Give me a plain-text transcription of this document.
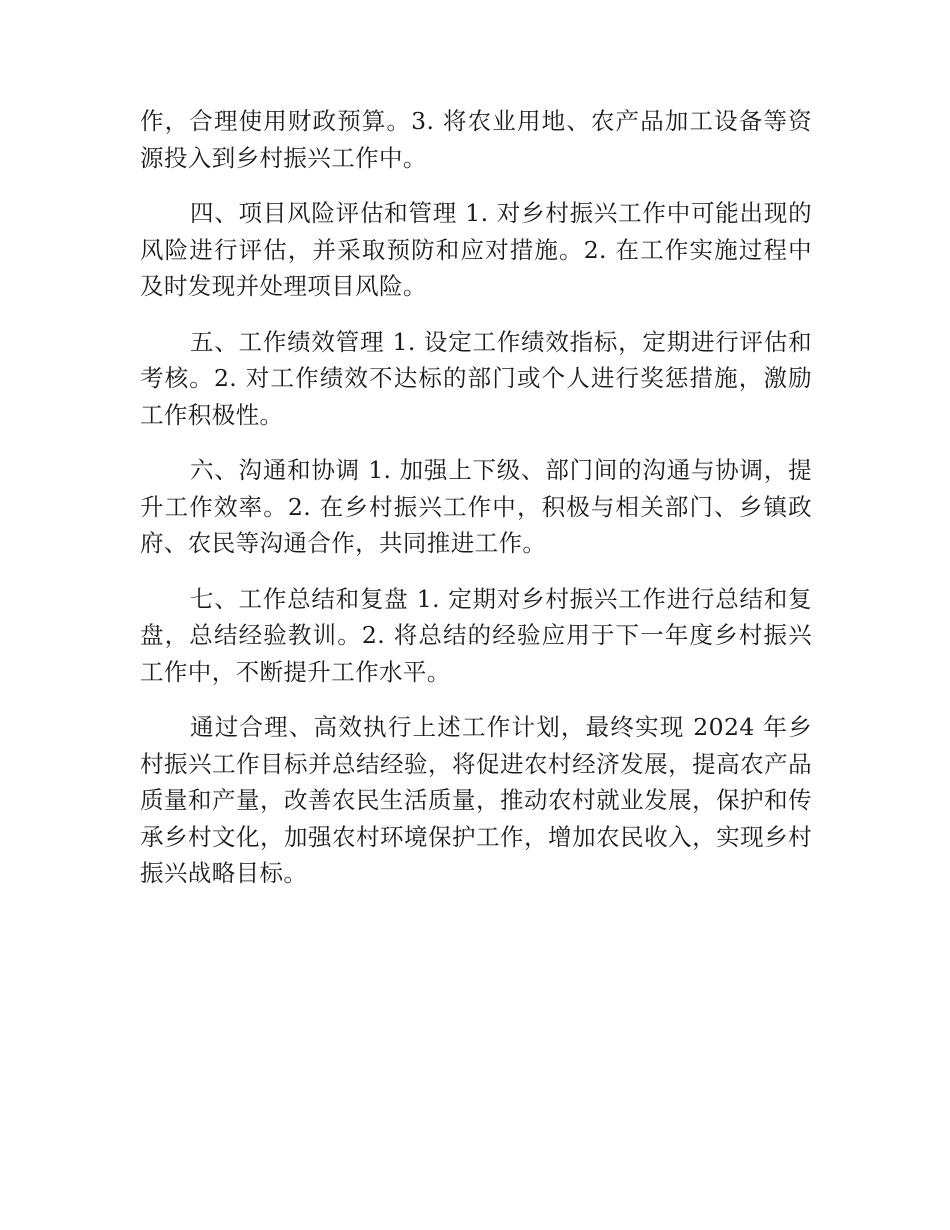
作，合理使用财政预算。3. 将农业用地、农产品加工设备等资源投入到乡村振兴工作中。

四、项目风险评估和管理 1. 对乡村振兴工作中可能出现的风险进行评估，并采取预防和应对措施。2. 在工作实施过程中及时发现并处理项目风险。

五、工作绩效管理 1. 设定工作绩效指标，定期进行评估和考核。2. 对工作绩效不达标的部门或个人进行奖惩措施，激励工作积极性。

六、沟通和协调 1. 加强上下级、部门间的沟通与协调，提升工作效率。2. 在乡村振兴工作中，积极与相关部门、乡镇政府、农民等沟通合作，共同推进工作。

七、工作总结和复盘 1. 定期对乡村振兴工作进行总结和复盘，总结经验教训。2. 将总结的经验应用于下一年度乡村振兴工作中，不断提升工作水平。

通过合理、高效执行上述工作计划，最终实现 2024 年乡村振兴工作目标并总结经验，将促进农村经济发展，提高农产品质量和产量，改善农民生活质量，推动农村就业发展，保护和传承乡村文化，加强农村环境保护工作，增加农民收入，实现乡村振兴战略目标。
